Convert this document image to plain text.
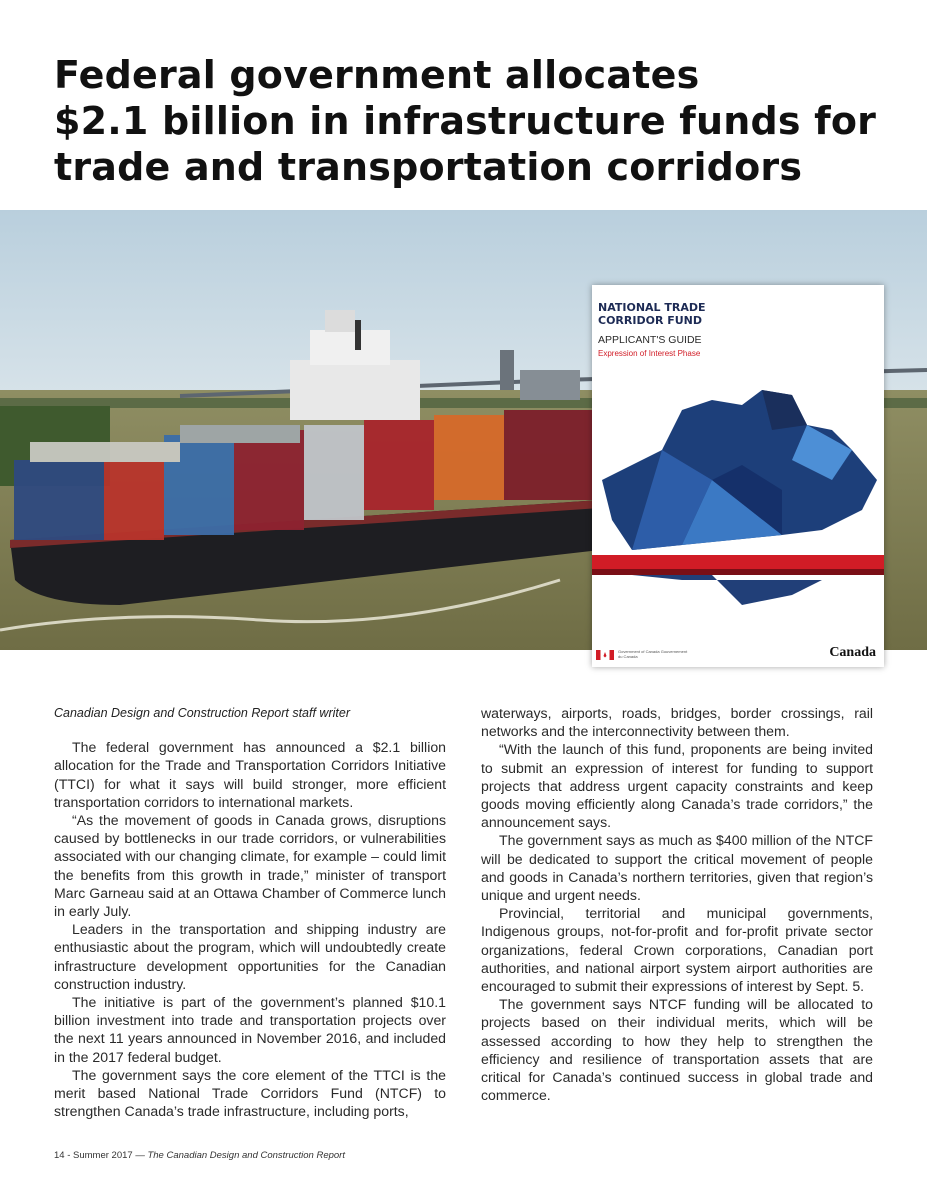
Federal government allocates
$2.1 billion in infrastructure funds for
trade and transportation corridors
NATIONAL TRADE
CORRIDOR FUND
APPLICANT'S GUIDE
Expression of Interest Phase
Government of Canada Gouvernement du Canada	Canada

Canadian Design and Construction Report staff writer

The federal government has announced a $2.1 billion allocation for the Trade and Transportation Corridors Initiative (TTCI) for what it says will build stronger, more efficient transportation corridors to international markets.

“As the movement of goods in Canada grows, disruptions caused by bottlenecks in our trade corridors, or vulnerabilities associated with our changing climate, for example – could limit the benefits from this growth in trade,” minister of transport Marc Garneau said at an Ottawa Chamber of Commerce lunch in early July.

Leaders in the transportation and shipping industry are enthusiastic about the program, which will undoubtedly create infrastructure development opportunities for the Canadian construction industry.

The initiative is part of the government’s planned $10.1 billion investment into trade and transportation projects over the next 11 years announced in November 2016, and included in the 2017 federal budget.

The government says the core element of the TTCI is the merit based National Trade Corridors Fund (NTCF) to strengthen Canada’s trade infrastructure, including ports,

waterways, airports, roads, bridges, border crossings, rail networks and the interconnectivity between them.

“With the launch of this fund, proponents are being invited to submit an expression of interest for funding to support projects that address urgent capacity constraints and keep goods moving efficiently along Canada’s trade corridors,” the announcement says.

The government says as much as $400 million of the NTCF will be dedicated to support the critical movement of people and goods in Canada’s northern territories, given that region’s unique and urgent needs.

Provincial, territorial and municipal governments, Indigenous groups, not-for-profit and for-profit private sector organizations, federal Crown corporations, Canadian port authorities, and national airport system airport authorities are encouraged to submit their expressions of interest by Sept. 5.

The government says NTCF funding will be allocated to projects based on their individual merits, which will be assessed according to how they help to strengthen the efficiency and resilience of transportation assets that are critical for Canada’s continued success in global trade and commerce.

14 - Summer 2017 — The Canadian Design and Construction Report
